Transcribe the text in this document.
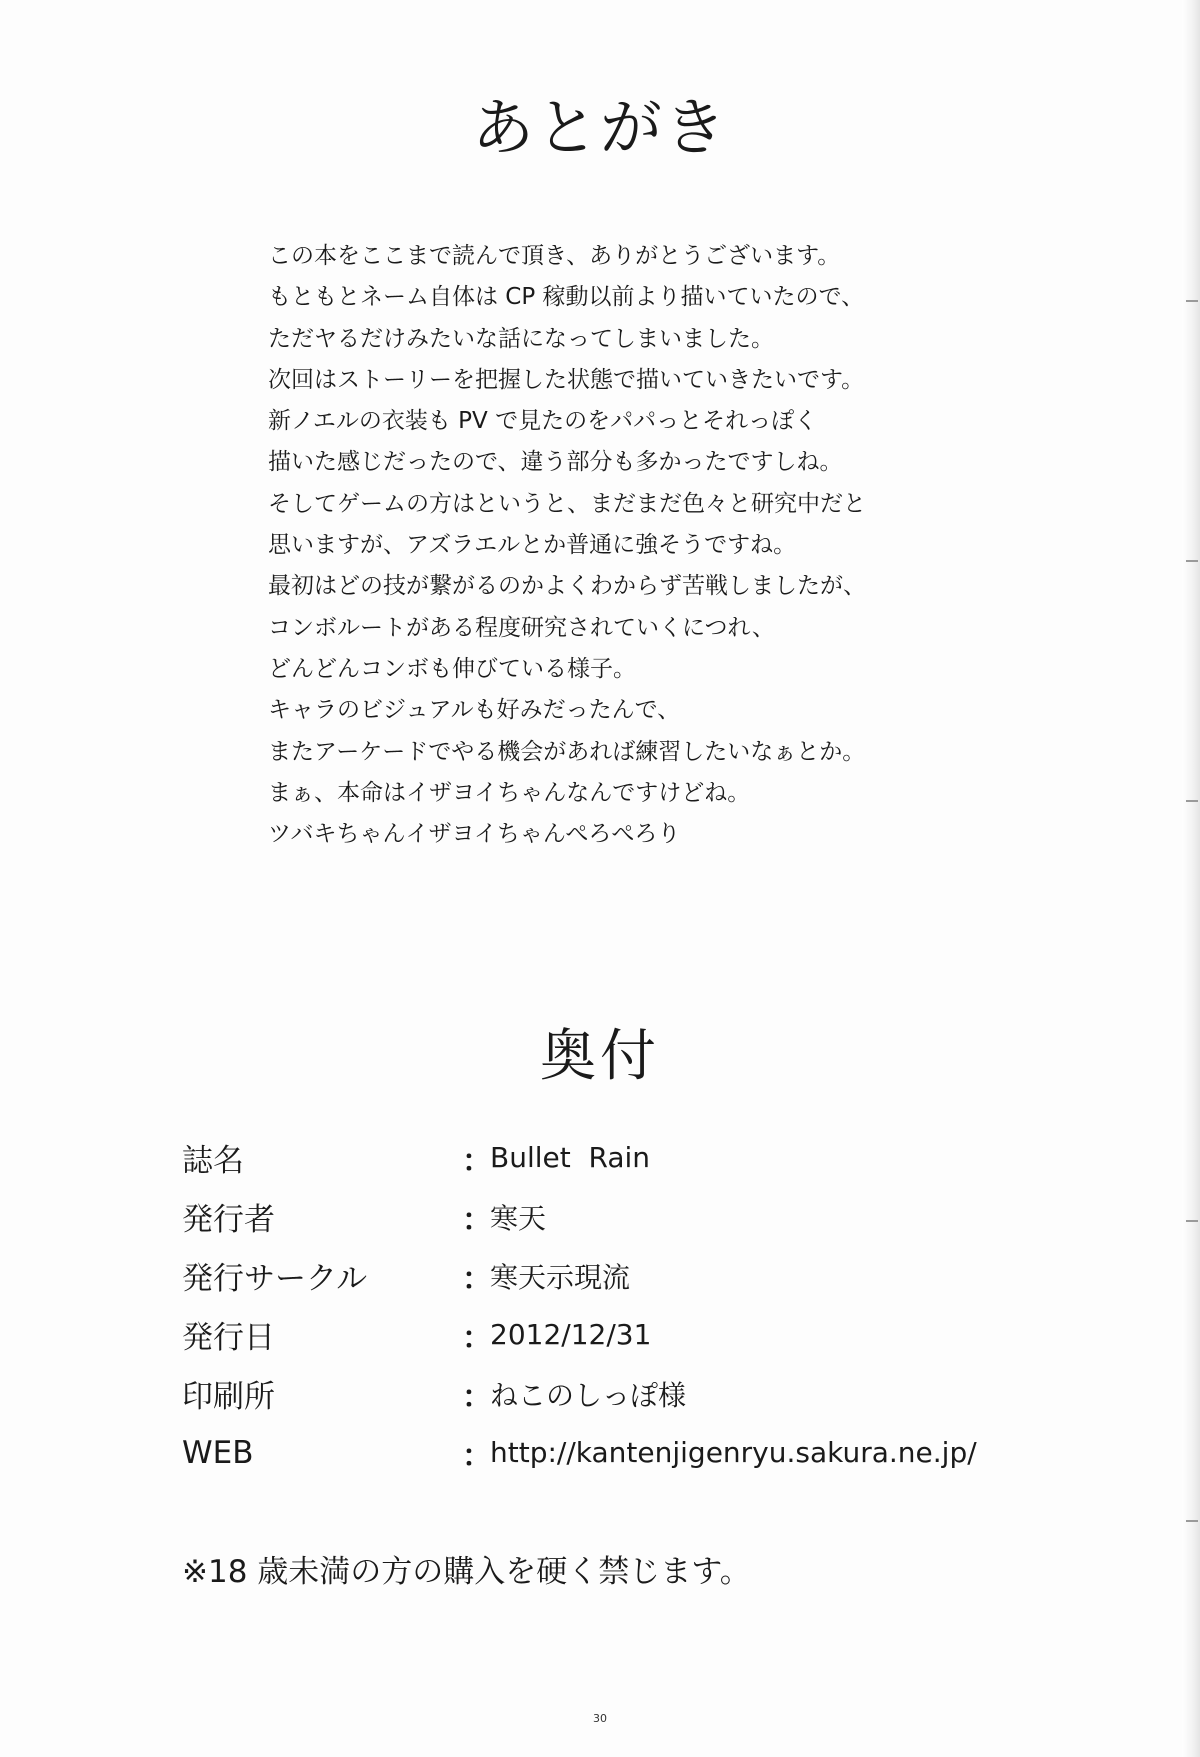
あとがき
この本をここまで読んで頂き、ありがとうございます。
もともとネーム自体は CP 稼動以前より描いていたので、
ただヤるだけみたいな話になってしまいました。
次回はストーリーを把握した状態で描いていきたいです。
新ノエルの衣装も PV で見たのをパパっとそれっぽく
描いた感じだったので、違う部分も多かったですしね。
そしてゲームの方はというと、まだまだ色々と研究中だと
思いますが、アズラエルとか普通に強そうですね。
最初はどの技が繋がるのかよくわからず苦戦しましたが、
コンボルートがある程度研究されていくにつれ、
どんどんコンボも伸びている様子。
キャラのビジュアルも好みだったんで、
またアーケードでやる機会があれば練習したいなぁとか。
まぁ、本命はイザヨイちゃんなんですけどね。
ツバキちゃんイザヨイちゃんぺろぺろり
奥付
誌名	：
Bullet  Rain
発行者	：
寒天
発行サークル	：
寒天示現流
発行日	：
2012/12/31
印刷所	：
ねこのしっぽ様
WEB	：
http://kantenjigenryu.sakura.ne.jp/
※18 歳未満の方の購入を硬く禁じます。
30
